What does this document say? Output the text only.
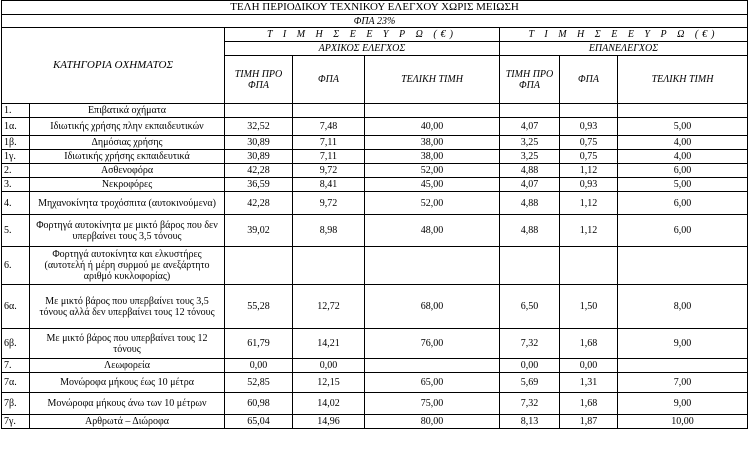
ΤΕΛΗ ΠΕΡΙΟΔΙΚΟΥ ΤΕΧΝΙΚΟΥ ΕΛΕΓΧΟΥ ΧΩΡΙΣ ΜΕΙΩΣΗ							
ΦΠΑ 23%							
ΚΑΤΗΓΟΡΙΑ ΟΧΗΜΑΤΟΣ		Τ Ι Μ Η Σ Ε Ε Υ Ρ Ω (€)			Τ Ι Μ Η Σ Ε Ε Υ Ρ Ω (€)		
		ΑΡΧΙΚΟΣ ΕΛΕΓΧΟΣ			ΕΠΑΝΕΛΕΓΧΟΣ		
		ΤΙΜΗ ΠΡΟ ΦΠΑ	ΦΠΑ	ΤΕΛΙΚΗ ΤΙΜΗ	ΤΙΜΗ ΠΡΟ ΦΠΑ	ΦΠΑ	ΤΕΛΙΚΗ ΤΙΜΗ
1.	Επιβατικά οχήματα						
1α.	Ιδιωτικής χρήσης πλην εκπαιδευτικών	32,52	7,48	40,00	4,07	0,93	5,00
1β.	Δημόσιας χρήσης	30,89	7,11	38,00	3,25	0,75	4,00
1γ.	Ιδιωτικής χρήσης εκπαιδευτικά	30,89	7,11	38,00	3,25	0,75	4,00
2.	Ασθενοφόρα	42,28	9,72	52,00	4,88	1,12	6,00
3.	Νεκροφόρες	36,59	8,41	45,00	4,07	0,93	5,00
4.	Μηχανοκίνητα τροχόσπιτα (αυτοκινούμενα)	42,28	9,72	52,00	4,88	1,12	6,00
5.	Φορτηγά αυτοκίνητα με μικτό βάρος που δεν υπερβαίνει τους 3,5 τόνους	39,02	8,98	48,00	4,88	1,12	6,00
6.	Φορτηγά αυτοκίνητα και ελκυστήρες (αυτοτελή ή μέρη συρμού με ανεξάρτητο αριθμό κυκλοφορίας)						
6α.	Με μικτό βάρος που υπερβαίνει τους 3,5 τόνους αλλά δεν υπερβαίνει τους 12 τόνους	55,28	12,72	68,00	6,50	1,50	8,00
6β.	Με μικτό βάρος που υπερβαίνει τους 12 τόνους	61,79	14,21	76,00	7,32	1,68	9,00
7.	Λεωφορεία	0,00	0,00		0,00	0,00	
7α.	Μονώροφα μήκους έως 10 μέτρα	52,85	12,15	65,00	5,69	1,31	7,00
7β.	Μονώροφα μήκους άνω των 10 μέτρων	60,98	14,02	75,00	7,32	1,68	9,00
7γ.	Αρθρωτά – Διώροφα	65,04	14,96	80,00	8,13	1,87	10,00
